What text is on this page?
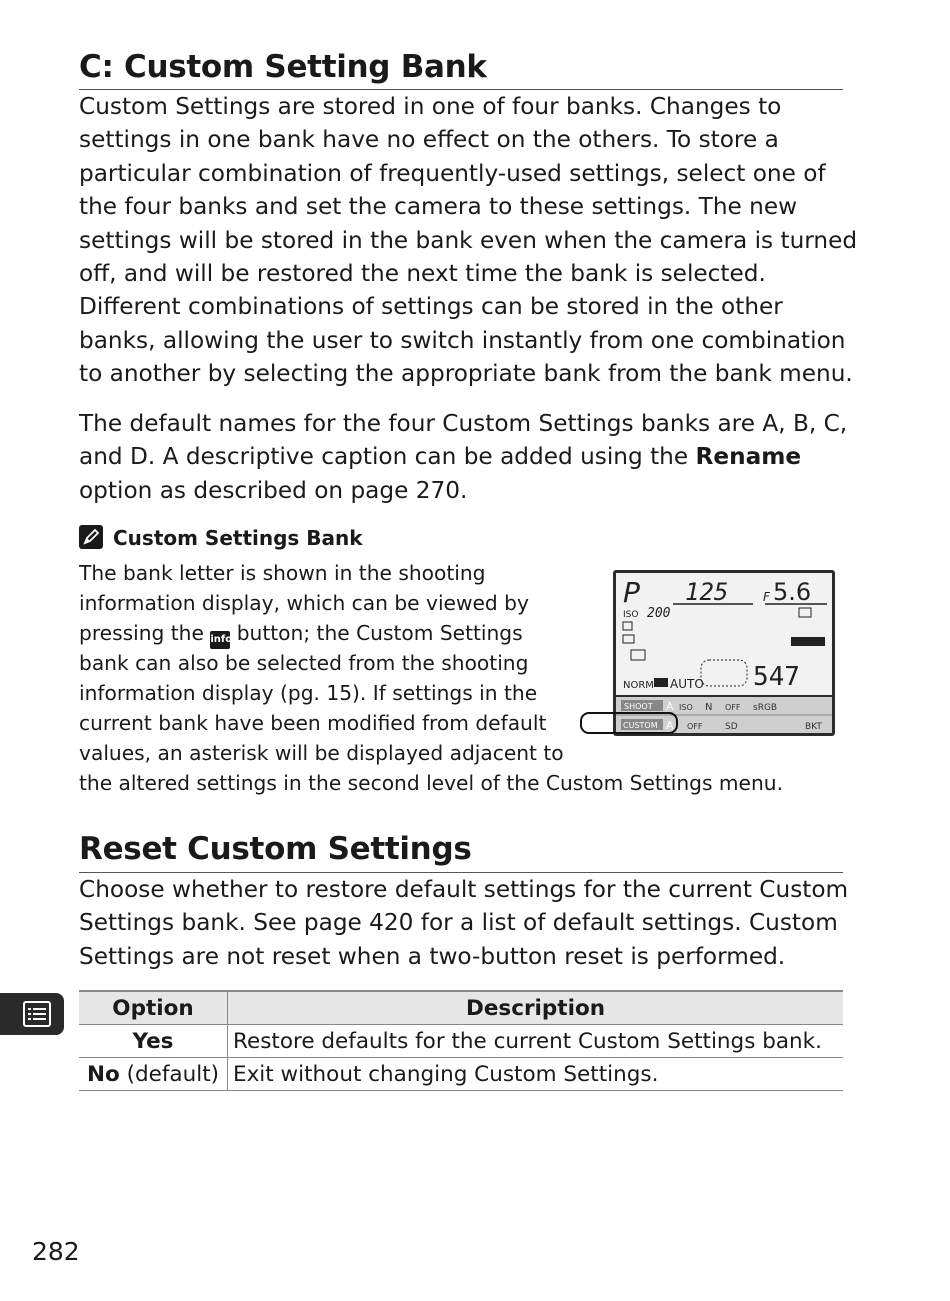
C: Custom Setting Bank

Custom Settings are stored in one of four banks. Changes to
settings in one bank have no effect on the others. To store a
particular combination of frequently-used settings, select one of
the four banks and set the camera to these settings. The new
settings will be stored in the bank even when the camera is turned
off, and will be restored the next time the bank is selected.
Different combinations of settings can be stored in the other
banks, allowing the user to switch instantly from one combination
to another by selecting the appropriate bank from the bank menu.

The default names for the four Custom Settings banks are A, B, C,
and D. A descriptive caption can be added using the Rename
option as described on page 270.

Custom Settings Bank
The bank letter is shown in the shooting
information display, which can be viewed by
pressing the info button; the Custom Settings
bank can also be selected from the shooting
information display (pg. 15). If settings in the
current bank have been modified from default
values, an asterisk will be displayed adjacent to
the altered settings in the second level of the Custom Settings menu.
P 125	F 5.6
ISO 200
NORM AUTO 547
SHOOT A
CUSTOM A
ISO N OFF sRGB
OFF	SD	BKT
Reset Custom Settings

Choose whether to restore default settings for the current Custom
Settings bank. See page 420 for a list of default settings. Custom
Settings are not reset when a two-button reset is performed.

Option	Description
Yes	Restore defaults for the current Custom Settings bank.
No (default)	Exit without changing Custom Settings.
282
